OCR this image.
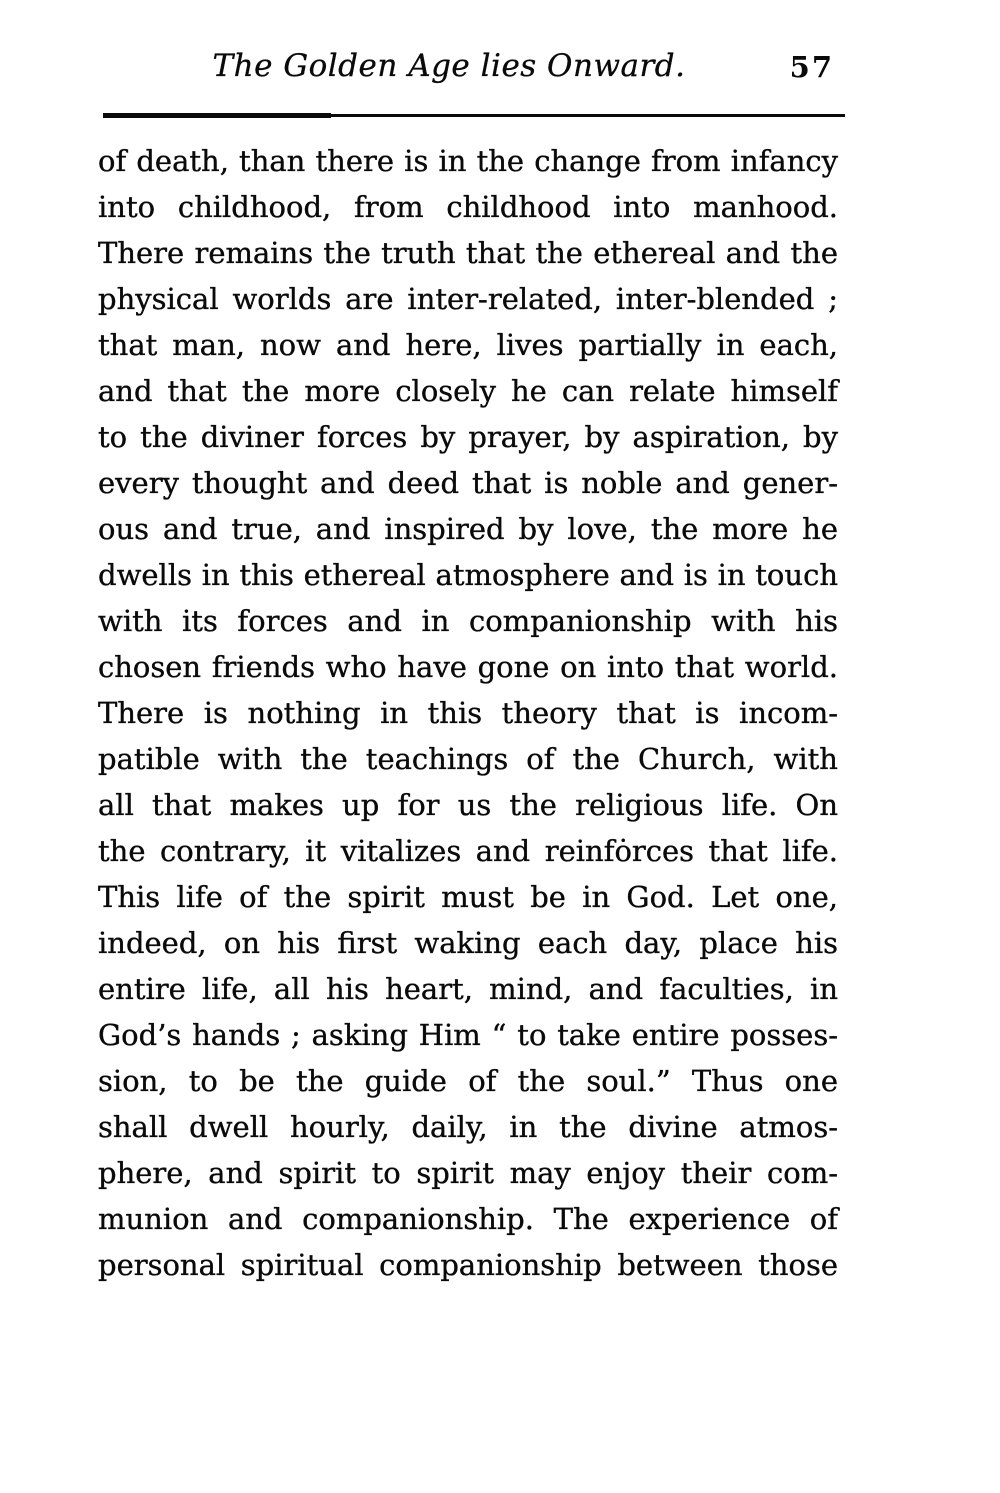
The Golden Age lies Onward.	57
of death, than there is in the change from infancy
into childhood, from childhood into manhood.
There remains the truth that the ethereal and the
physical worlds are inter-related, inter-blended ;
that man, now and here, lives partially in each,
and that the more closely he can relate himself
to the diviner forces by prayer, by aspiration, by
every thought and deed that is noble and gener-
ous and true, and inspired by love, the more he
dwells in this ethereal atmosphere and is in touch
with its forces and in companionship with his
chosen friends who have gone on into that world.
There is nothing in this theory that is incom-
patible with the teachings of the Church, with
all that makes up for us the religious life. On
the contrary, it vitalizes and reinfȯrces that life.
This life of the spirit must be in God. Let one,
indeed, on his first waking each day, place his
entire life, all his heart, mind, and faculties, in
God’s hands ; asking Him “ to take entire posses-
sion, to be the guide of the soul.” Thus one
shall dwell hourly, daily, in the divine atmos-
phere, and spirit to spirit may enjoy their com-
munion and companionship. The experience of
personal spiritual companionship between those
